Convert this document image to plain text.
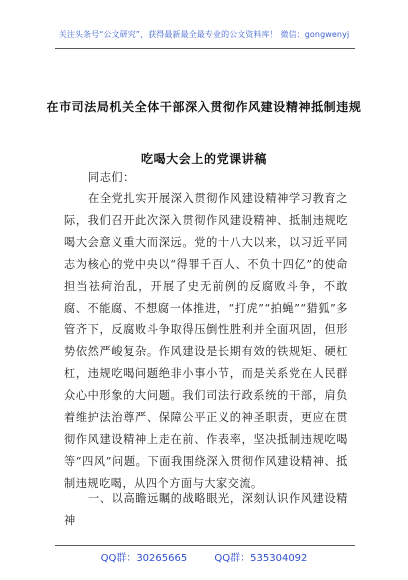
关注头条号“公文研究”，获得最新最全最专业的公文资料库！ 微信：gongwenyj
在市司法局机关全体干部深入贯彻作风建设精神抵制违规
吃喝大会上的党课讲稿
同志们：
在全党扎实开展深入贯彻作风建设精神学习教育之际，我们召开此次深入贯彻作风建设精神、抵制违规吃喝大会意义重大而深远。党的十八大以来，以习近平同志为核心的党中央以“得罪千百人、不负十四亿”的使命担当祛疴治乱，开展了史无前例的反腐败斗争，不敢腐、不能腐、不想腐一体推进，“打虎”“拍蝇”“猎狐”多管齐下，反腐败斗争取得压倒性胜利并全面巩固，但形势依然严峻复杂。作风建设是长期有效的铁规矩、硬杠杠，违规吃喝问题绝非小事小节，而是关系党在人民群众心中形象的大问题。我们司法行政系统的干部，肩负着维护法治尊严、保障公平正义的神圣职责，更应在贯彻作风建设精神上走在前、作表率，坚决抵制违规吃喝等“四风”问题。下面我围绕深入贯彻作风建设精神、抵制违规吃喝，从四个方面与大家交流。
一、以高瞻远瞩的战略眼光，深刻认识作风建设精神
QQ群：30265665	QQ群：535304092
